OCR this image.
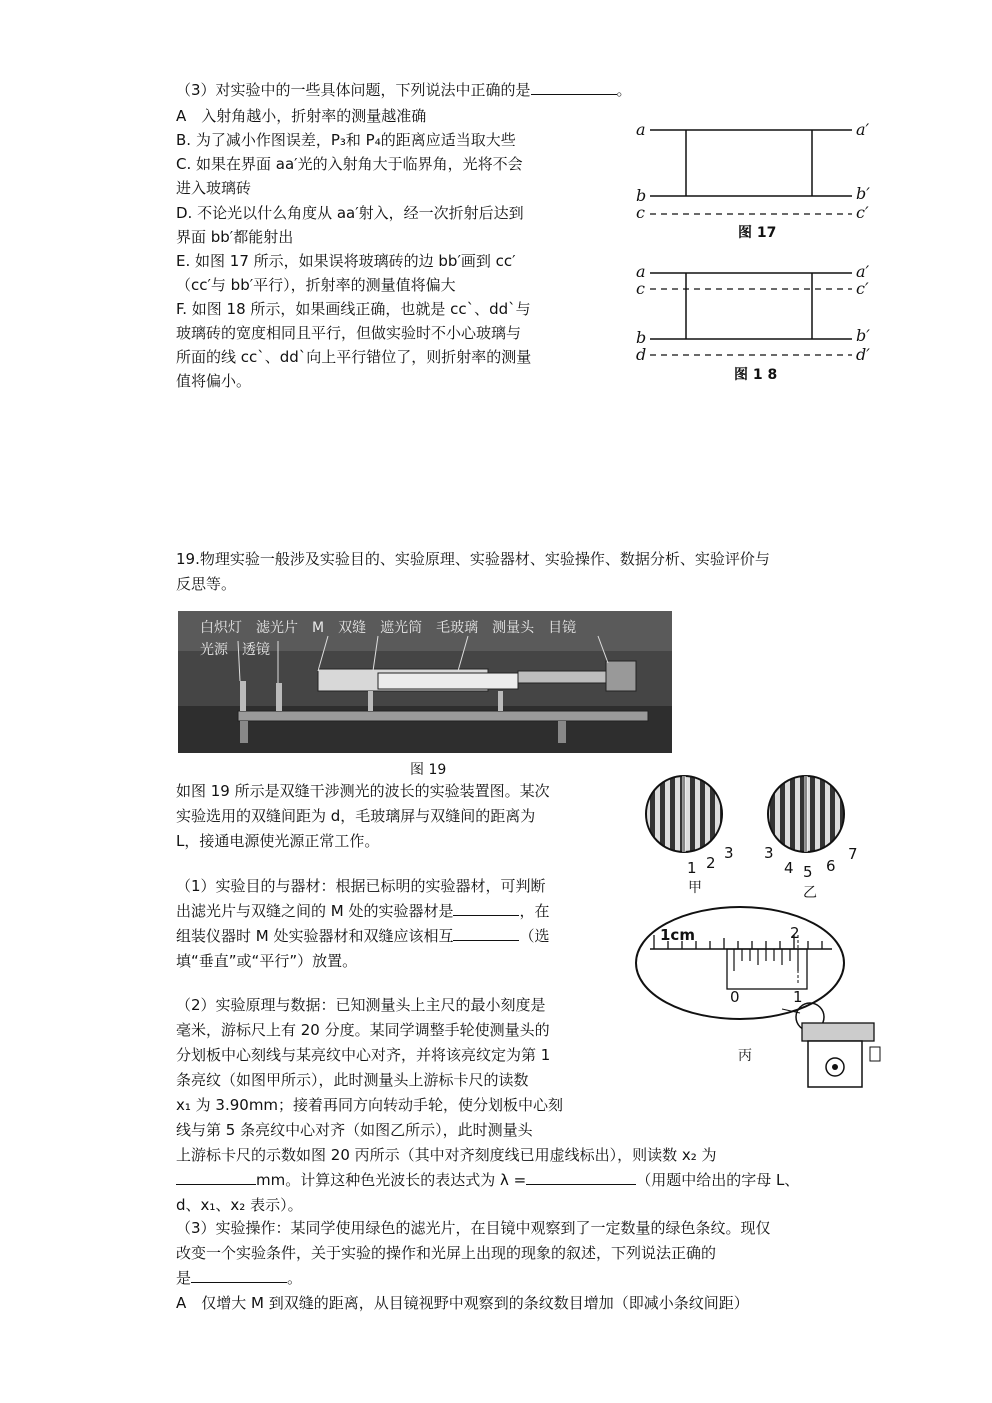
（3）对实验中的一些具体问题，下列说法中正确的是	。
A　入射角越小，折射率的测量越准确
B. 为了减小作图误差，P₃和 P₄的距离应适当取大些
C. 如果在界面 aa′光的入射角大于临界角，光将不会
进入玻璃砖
D. 不论光以什么角度从 aa′射入，经一次折射后达到
界面 bb′都能射出
E. 如图 17 所示，如果误将玻璃砖的边 bb′画到 cc′
（cc′与 bb′平行），折射率的测量值将偏大
F. 如图 18 所示，如果画线正确，也就是 cc`、dd`与
玻璃砖的宽度相同且平行，但做实验时不小心玻璃与
所面的线 cc`、dd`向上平行错位了，则折射率的测量
值将偏小。
a	a′
b	b′
c	c′
图 17
a	a′
c	c′
b	b′
d	d′
图 1 8
19.物理实验一般涉及实验目的、实验原理、实验器材、实验操作、数据分析、实验评价与
反思等。
白炽灯　滤光片　M　双缝　遮光筒　毛玻璃　测量头　目镜
光源　透镜
图 19
如图 19 所示是双缝干涉测光的波长的实验装置图。某次
实验选用的双缝间距为 d，毛玻璃屏与双缝间的距离为
L，接通电源使光源正常工作。
（1）实验目的与器材：根据已标明的实验器材，可判断
出滤光片与双缝之间的 M 处的实验器材是	，在
组装仪器时 M 处实验器材和双缝应该相互	（选
填“垂直”或“平行”）放置。
（2）实验原理与数据：已知测量头上主尺的最小刻度是
毫米，游标尺上有 20 分度。某同学调整手轮使测量头的
分划板中心刻线与某亮纹中心对齐，并将该亮纹定为第 1
条亮纹（如图甲所示），此时测量头上游标卡尺的读数
x₁ 为 3.90mm；接着再同方向转动手轮，使分划板中心刻
线与第 5 条亮纹中心对齐（如图乙所示），此时测量头
上游标卡尺的示数如图 20 丙所示（其中对齐刻度线已用虚线标出），则读数 x₂ 为
mm。计算这种色光波长的表达式为 λ =	（用题中给出的字母 L、
d、x₁、x₂ 表示）。
（3）实验操作：某同学使用绿色的滤光片，在目镜中观察到了一定数量的绿色条纹。现仅
改变一个实验条件，关于实验的操作和光屏上出现的现象的叙述，下列说法正确的
是	。
A　仅增大 M 到双缝的距离，从目镜视野中观察到的条纹数目增加（即减小条纹间距）
1 2
3
甲
3
4 5 6
7
乙
1cm	2
0	1
丙
